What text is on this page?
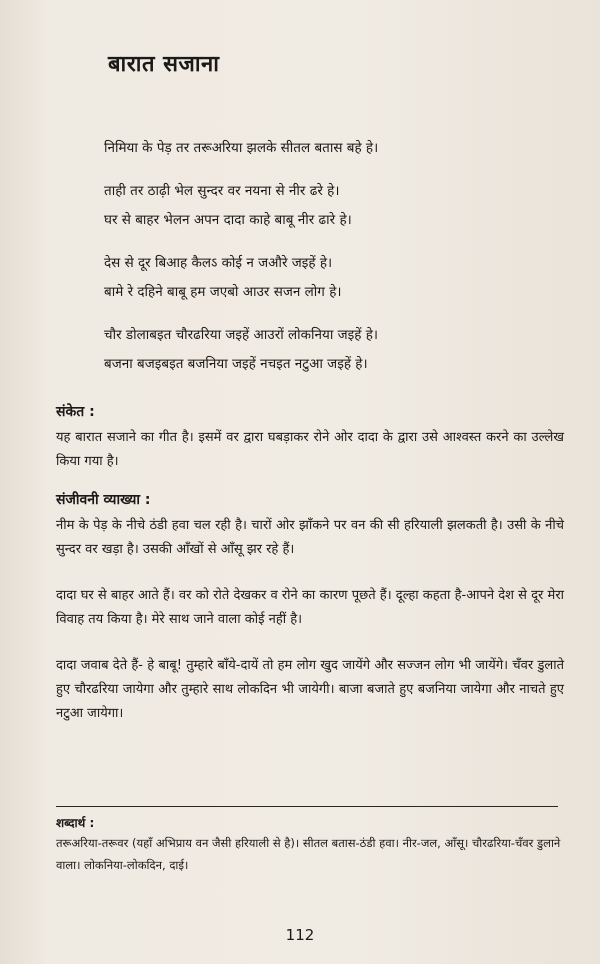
बारात सजाना
निमिया के पेड़ तर तरूअरिया झलके सीतल बतास बहे हे।
ताही तर ठाढ़ी भेल सुन्दर वर नयना से नीर ढरे हे।
घर से बाहर भेलन अपन दादा काहे बाबू नीर ढारे हे।
देस से दूर बिआह कैलऽ कोई न जऔरे जइहें हे।
बामे रे दहिने बाबू हम जएबो आउर सजन लोग हे।
चौर डोलाबइत चौरढरिया जइहें आउरों लोकनिया जइहें हे।
बजना बजइबइत बजनिया जइहें नचइत नटुआ जइहें हे।
संकेत :

यह बारात सजाने का गीत है। इसमें वर द्वारा घबड़ाकर रोने ओर दादा के द्वारा उसे आश्वस्त करने का उल्लेख किया गया है।

संजीवनी व्याख्या :

नीम के पेड़ के नीचे ठंडी हवा चल रही है। चारों ओर झाँकने पर वन की सी हरियाली झलकती है। उसी के नीचे सुन्दर वर खड़ा है। उसकी आँखों से आँसू झर रहे हैं।

दादा घर से बाहर आते हैं। वर को रोते देखकर व रोने का कारण पूछते हैं। दूल्हा कहता है-आपने देश से दूर मेरा विवाह तय किया है। मेरे साथ जाने वाला कोई नहीं है।

दादा जवाब देते हैं- हे बाबू! तुम्हारे बाँये-दायें तो हम लोग खुद जायेंगे और सज्जन लोग भी जायेंगे। चँवर डुलाते हुए चौरढरिया जायेगा और तुम्हारे साथ लोकदिन भी जायेगी। बाजा बजाते हुए बजनिया जायेगा और नाचते हुए नटुआ जायेगा।

शब्दार्थ :

तरूअरिया-तरूवर (यहाँ अभिप्राय वन जैसी हरियाली से है)। सीतल बतास-ठंडी हवा। नीर-जल, आँसू। चौरढरिया-चँवर डुलाने वाला। लोकनिया-लोकदिन, दाई।

112
